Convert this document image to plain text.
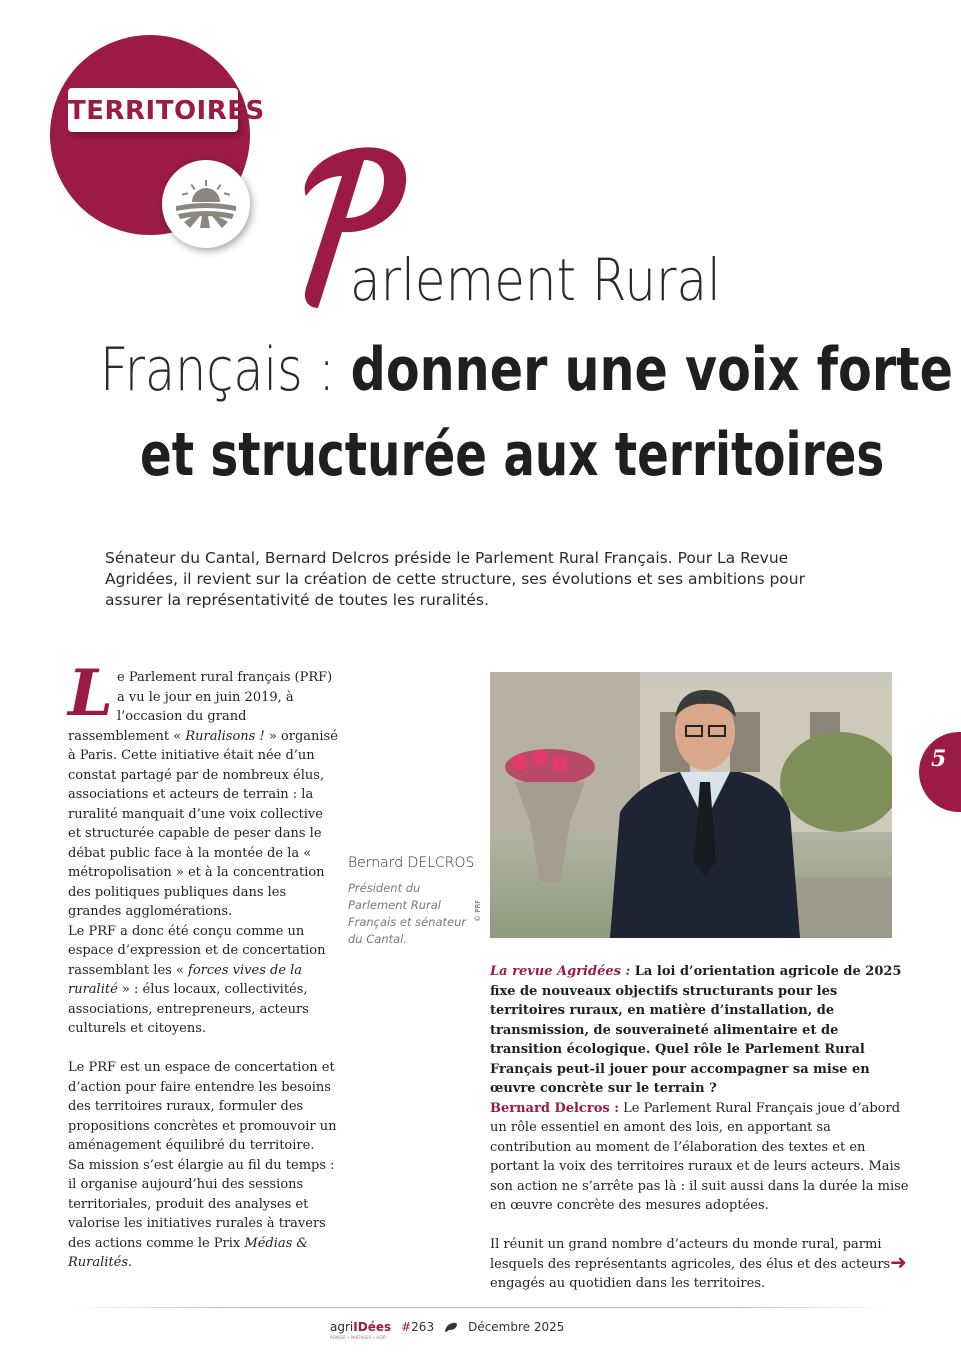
TERRITOIRES
P
arlement Rural
Français : donner une voix forte
et structurée aux territoires
Sénateur du Cantal, Bernard Delcros préside le Parlement Rural Français. Pour La Revue Agridées, il revient sur la création de cette structure, ses évolutions et ses ambitions pour assurer la représentativité de toutes les ruralités.

Le Parlement rural français (PRF) a vu le jour en juin 2019, à l’occasion du grand rassemblement « Ruralisons ! » organisé à Paris. Cette initiative était née d’un constat partagé par de nombreux élus, associations et acteurs de terrain : la ruralité manquait d’une voix collective et structurée capable de peser dans le débat public face à la montée de la « métropolisation » et à la concentration des politiques publiques dans les grandes agglomérations.

Le PRF a donc été conçu comme un espace d’expression et de concertation rassemblant les « forces vives de la ruralité » : élus locaux, collectivités, associations, entrepreneurs, acteurs culturels et citoyens.

Le PRF est un espace de concertation et d’action pour faire entendre les besoins des territoires ruraux, formuler des propositions concrètes et promouvoir un aménagement équilibré du territoire.

Sa mission s’est élargie au fil du temps : il organise aujourd’hui des sessions territoriales, produit des analyses et valorise les initiatives rurales à travers des actions comme le Prix Médias & Ruralités.

Bernard DELCROS
Président du Parlement Rural Français et sénateur du Cantal.
© PRF

La revue Agridées : La loi d’orientation agricole de 2025 fixe de nouveaux objectifs structurants pour les territoires ruraux, en matière d’installation, de transmission, de souveraineté alimentaire et de transition écologique. Quel rôle le Parlement Rural Français peut-il jouer pour accompagner sa mise en œuvre concrète sur le terrain ?

Bernard Delcros : Le Parlement Rural Français joue d’abord un rôle essentiel en amont des lois, en apportant sa contribution au moment de l’élaboration des textes et en portant la voix des territoires ruraux et de leurs acteurs. Mais son action ne s’arrête pas là : il suit aussi dans la durée la mise en œuvre concrète des mesures adoptées.

Il réunit un grand nombre d’acteurs du monde rural, parmi lesquels des représentants agricoles, des élus et des acteurs engagés au quotidien dans les territoires.

5
➜
agriIDées
PENSER • PARTAGER • AGIR
#263	Décembre 2025
